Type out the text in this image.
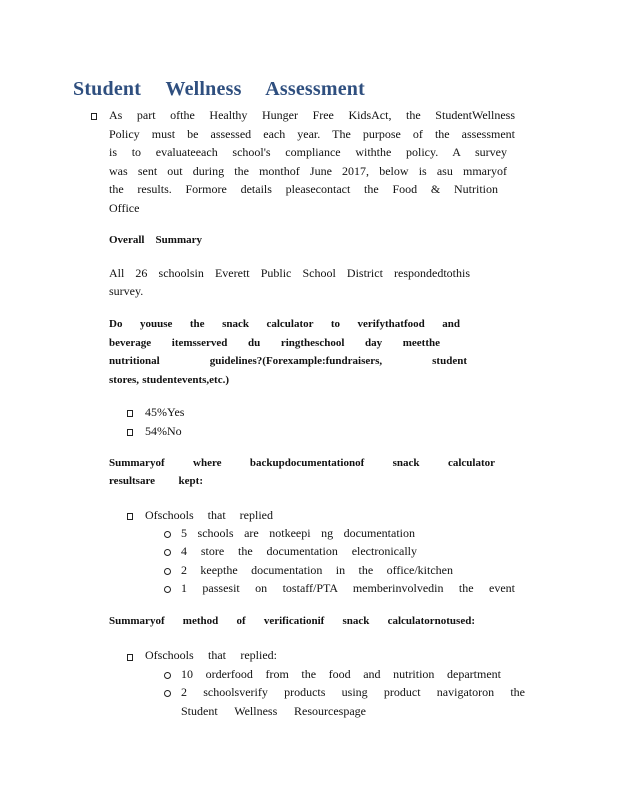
Student Wellness Assessment
As part ofthe Healthy Hunger Free KidsAct, the StudentWellness
Policy must be assessed each year. The purpose of the assessment
is to evaluateeach school's compliance withthe policy. A survey
was sent out during the monthof June 2017, below is asu mmaryof
the results. Formore details pleasecontact the Food & Nutrition
Office
Overall Summary
All 26 schoolsin Everett Public School District respondedtothis
survey.
Do youuse the snack calculator to verifythatfood and
beverage itemsserved du ringtheschool day meetthe
nutritional guidelines?(Forexample:fundraisers, student
stores, studentevents,etc.)
45%Yes
54%No
Summaryof where backupdocumentationof snack calculator
resultsare kept:
Ofschools that replied
5 schools are notkeepi ng documentation
4 store the documentation electronically
2 keepthe documentation in the office/kitchen
1 passesit on tostaff/PTA memberinvolvedin the event
Summaryof method of verificationif snack calculatornotused:
Ofschools that replied:
10 orderfood from the food and nutrition department
2 schoolsverify products using product navigatoron the
Student Wellness Resourcespage
